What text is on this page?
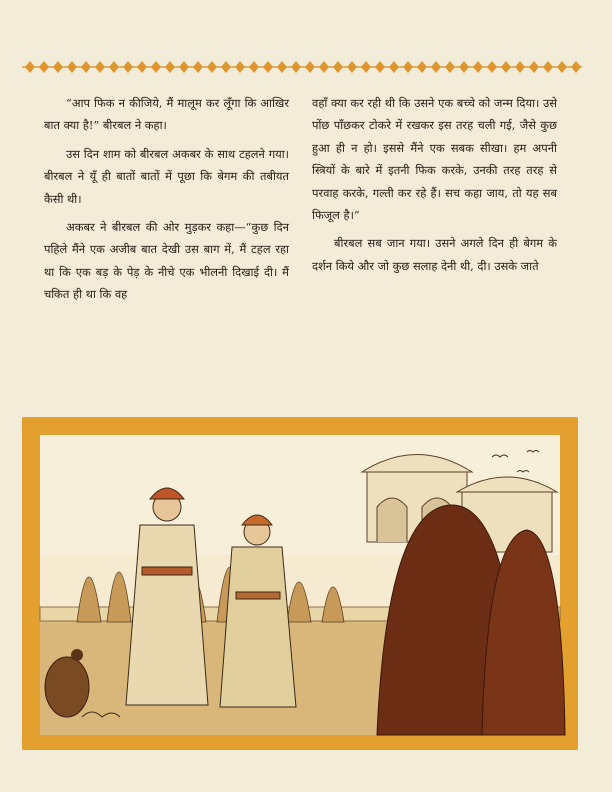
“आप फिक न कीजिये, मैं मालूम कर लूँगा कि आखिर बात क्या है!” बीरबल ने कहा।

उस दिन शाम को बीरबल अकबर के साथ टहलने गया। बीरबल ने यूँ ही बातों बातों में पूछा कि बेगम की तबीयत कैसी थी।

अकबर ने बीरबल की ओर मुड़कर कहा—“कुछ दिन पहिले मैंने एक अजीब बात देखी उस बाग में, मैं टहल रहा था कि एक बड़ के पेड़ के नीचे एक भीलनी दिखाई दी। मैं चकित ही था कि वह

वहाँ क्या कर रही थी कि उसने एक बच्चे को जन्म दिया। उसे पोंछ पाँछकर टोकरे में रखकर इस तरह चली गई, जैसे कुछ हुआ ही न हो। इससे मैंने एक सबक सीखा। हम अपनी स्त्रियों के बारे में इतनी फिक करके, उनकी तरह तरह से परवाह करके, गल्ती कर रहे हैं। सच कहा जाय, तो यह सब फिजूल है।”

बीरबल सब जान गया। उसने अगले दिन ही बेगम के दर्शन किये और जो कुछ सलाह देनी थी, दी। उसके जाते
